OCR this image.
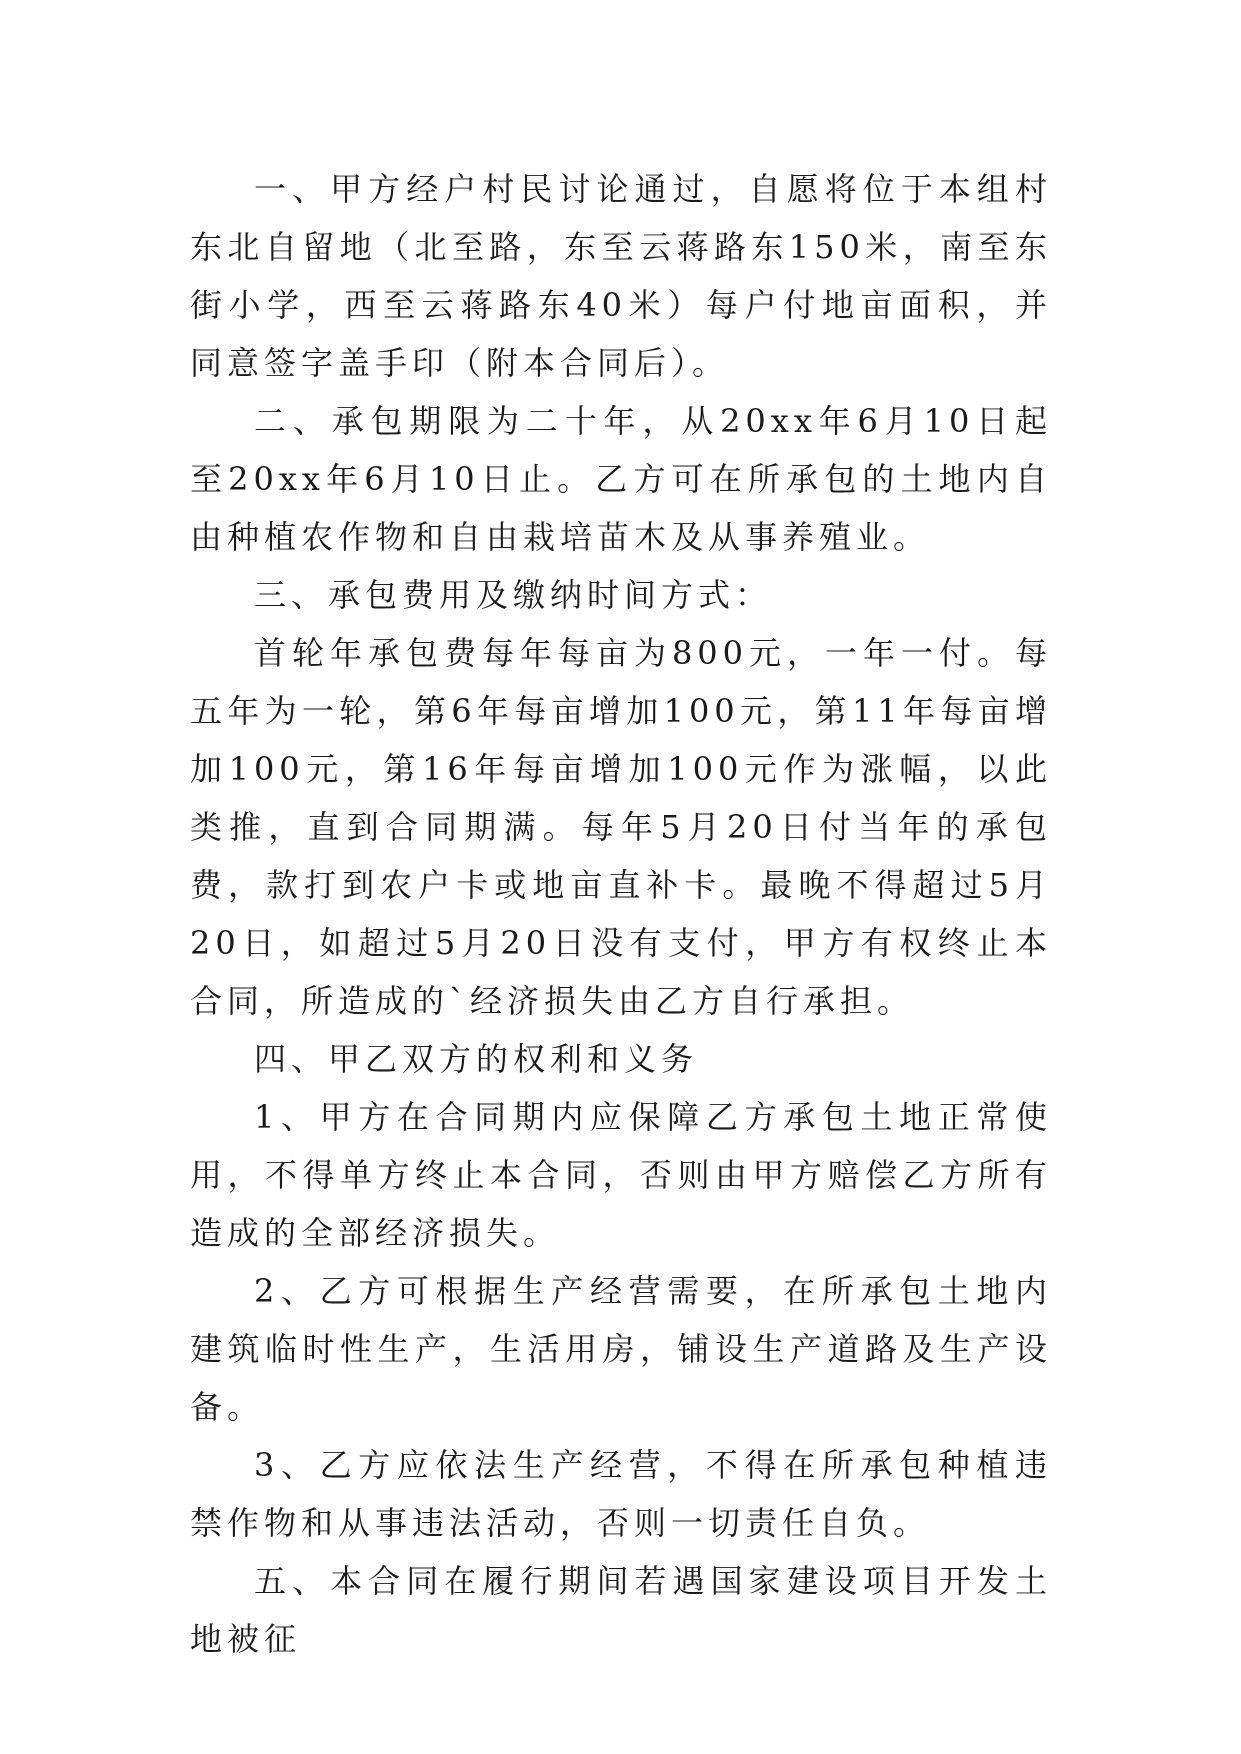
一、甲方经户村民讨论通过，自愿将位于本组村东北自留地（北至路，东至云蒋路东150米，南至东街小学，西至云蒋路东40米）每户付地亩面积，并同意签字盖手印（附本合同后）。

二、承包期限为二十年，从20xx年6月10日起至20xx年6月10日止。乙方可在所承包的土地内自由种植农作物和自由栽培苗木及从事养殖业。

三、承包费用及缴纳时间方式：

首轮年承包费每年每亩为800元，一年一付。每五年为一轮，第6年每亩增加100元，第11年每亩增加100元，第16年每亩增加100元作为涨幅，以此类推，直到合同期满。每年5月20日付当年的承包费，款打到农户卡或地亩直补卡。最晚不得超过5月20日，如超过5月20日没有支付，甲方有权终止本合同，所造成的`经济损失由乙方自行承担。

四、甲乙双方的权利和义务

1、甲方在合同期内应保障乙方承包土地正常使用，不得单方终止本合同，否则由甲方赔偿乙方所有造成的全部经济损失。

2、乙方可根据生产经营需要，在所承包土地内建筑临时性生产，生活用房，铺设生产道路及生产设备。

3、乙方应依法生产经营，不得在所承包种植违禁作物和从事违法活动，否则一切责任自负。

五、本合同在履行期间若遇国家建设项目开发土地被征
